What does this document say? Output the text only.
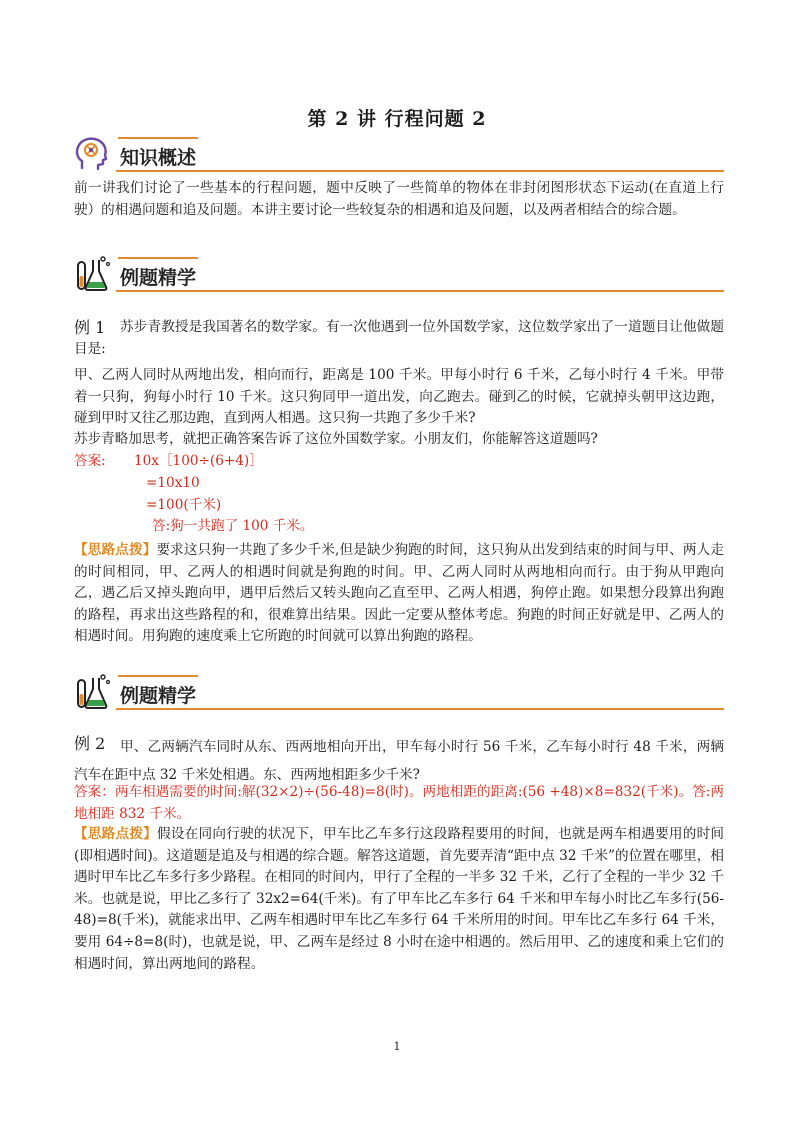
第 2 讲 行程问题 2
知识概述
前一讲我们讨论了一些基本的行程问题，题中反映了一些简单的物体在非封闭图形状态下运动(在直道上行驶）的相遇问题和追及问题。本讲主要讨论一些较复杂的相遇和追及问题，以及两者相结合的综合题。
例题精学
例 1	苏步青教授是我国著名的数学家。有一次他遇到一位外国数学家，这位数学家出了一道题目让他做题目是:
甲、乙两人同时从两地出发，相向而行，距离是 100 千米。甲每小时行 6 千米，乙每小时行 4 千米。甲带着一只狗，狗每小时行 10 千米。这只狗同甲一道出发，向乙跑去。碰到乙的时候，它就掉头朝甲这边跑，碰到甲时又往乙那边跑，直到两人相遇。这只狗一共跑了多少千米?
苏步青略加思考，就把正确答案告诉了这位外国数学家。小朋友们，你能解答这道题吗?
答案: 10x［100÷(6+4)］
=10x10
=100(千米)
答:狗一共跑了 100 千米。
【思路点拨】要求这只狗一共跑了多少千米,但是缺少狗跑的时间，这只狗从出发到结束的时间与甲、两人走的时间相同，甲、乙两人的相遇时间就是狗跑的时间。甲、乙两人同时从两地相向而行。由于狗从甲跑向乙，遇乙后又掉头跑向甲，遇甲后然后又转头跑向乙直至甲、乙两人相遇，狗停止跑。如果想分段算出狗跑的路程，再求出这些路程的和，很难算出结果。因此一定要从整体考虑。狗跑的时间正好就是甲、乙两人的相遇时间。用狗跑的速度乘上它所跑的时间就可以算出狗跑的路程。
例题精学
例 2	甲、乙两辆汽车同时从东、西两地相向开出，甲车每小时行 56 千米，乙车每小时行 48 千米，两辆汽车在距中点 32 千米处相遇。东、西两地相距多少千米?
答案：两车相遇需要的时间:解(32×2)÷(56-48)=8(时)。两地相距的距离:(56 +48)×8=832(千米)。答:两地相距 832 千米。
【思路点拨】假设在同向行驶的状况下，甲车比乙车多行这段路程要用的时间，也就是两车相遇要用的时间(即相遇时间)。这道题是追及与相遇的综合题。解答这道题，首先要弄清“距中点 32 千米”的位置在哪里，相遇时甲车比乙车多行多少路程。在相同的时间内，甲行了全程的一半多 32 千米，乙行了全程的一半少 32 千米。也就是说，甲比乙多行了 32x2=64(千米)。有了甲车比乙车多行 64 千米和甲车每小时比乙车多行(56-48)=8(千米)，就能求出甲、乙两车相遇时甲车比乙车多行 64 千米所用的时间。甲车比乙车多行 64 千米，要用 64÷8=8(时)，也就是说，甲、乙两车是经过 8 小时在途中相遇的。然后用甲、乙的速度和乘上它们的相遇时间，算出两地间的路程。
1
